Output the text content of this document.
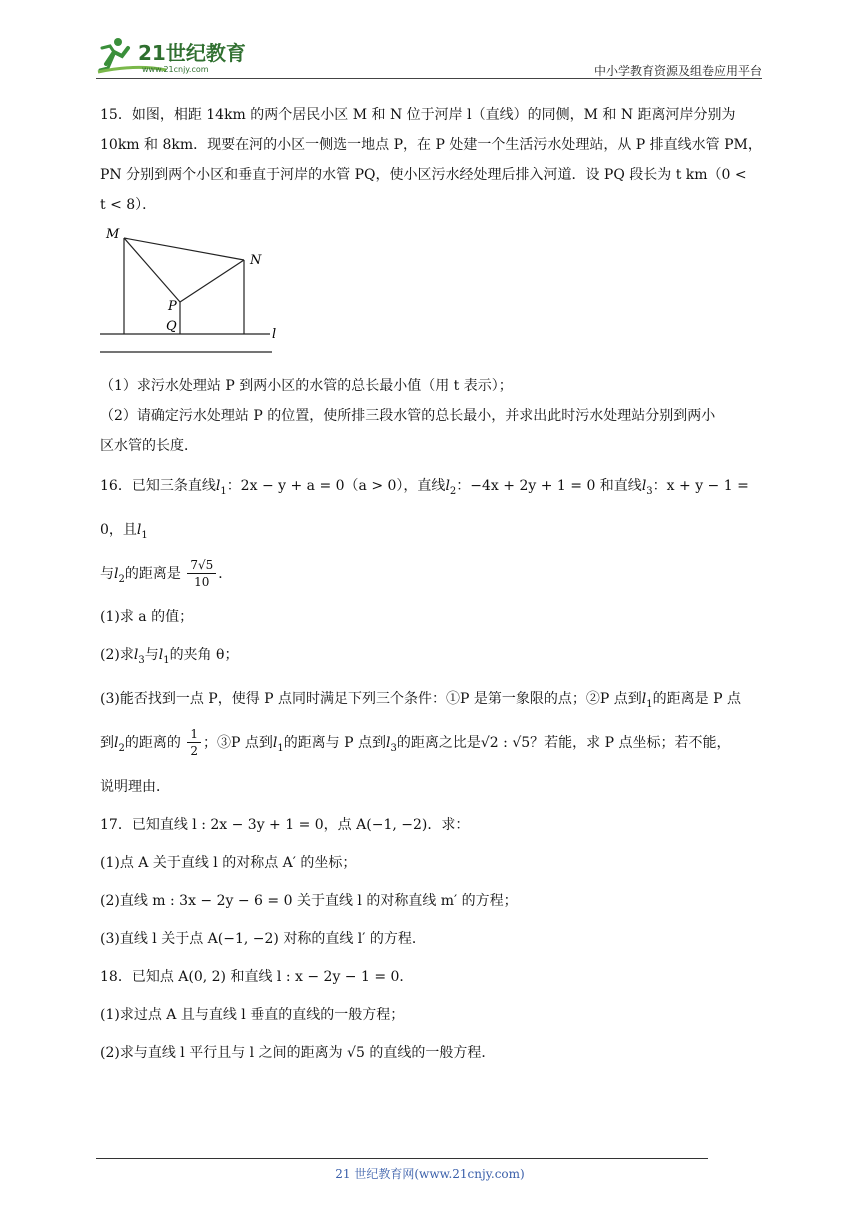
21世纪教育
www.21cnjy.com	中小学教育资源及组卷应用平台

15．如图，相距 14km 的两个居民小区 M 和 N 位于河岸 l（直线）的同侧，M 和 N 距离河岸分别为

10km 和 8km．现要在河的小区一侧选一地点 P，在 P 处建一个生活污水处理站，从 P 排直线水管 PM，

PN 分别到两个小区和垂直于河岸的水管 PQ，使小区污水经处理后排入河道．设 PQ 段长为 t km（0 <

t < 8）．

M
N
P
Q
l

（1）求污水处理站 P 到两小区的水管的总长最小值（用 t 表示）；

（2）请确定污水处理站 P 的位置，使所排三段水管的总长最小，并求出此时污水处理站分别到两小

区水管的长度．

16．已知三条直线$l_1$：2x − y + a = 0（a > 0），直线$l_2$：−4x + 2y + 1 = 0 和直线$l_3$：x + y − 1 = 0，且$l_1$

与$l_2$的距离是 $\frac{7√5}{10}$ ．

(1)求 a 的值；

(2)求$l_3$与$l_1$的夹角 θ；

(3)能否找到一点 P，使得 P 点同时满足下列三个条件：①P 是第一象限的点；②P 点到$l_1$的距离是 P 点

到$l_2$的距离的 $\frac{1}{2}$ ；③P 点到$l_1$的距离与 P 点到$l_3$的距离之比是√2 : √5？若能，求 P 点坐标；若不能，

说明理由．

17．已知直线 l : 2x − 3y + 1 = 0，点 A(−1, −2)．求：

(1)点 A 关于直线 l 的对称点 A′ 的坐标；

(2)直线 m : 3x − 2y − 6 = 0 关于直线 l 的对称直线 m′ 的方程；

(3)直线 l 关于点 A(−1, −2) 对称的直线 l′ 的方程．

18．已知点 A(0, 2) 和直线 l : x − 2y − 1 = 0．

(1)求过点 A 且与直线 l 垂直的直线的一般方程；

(2)求与直线 l 平行且与 l 之间的距离为 √5 的直线的一般方程．

21 世纪教育网(www.21cnjy.com)
